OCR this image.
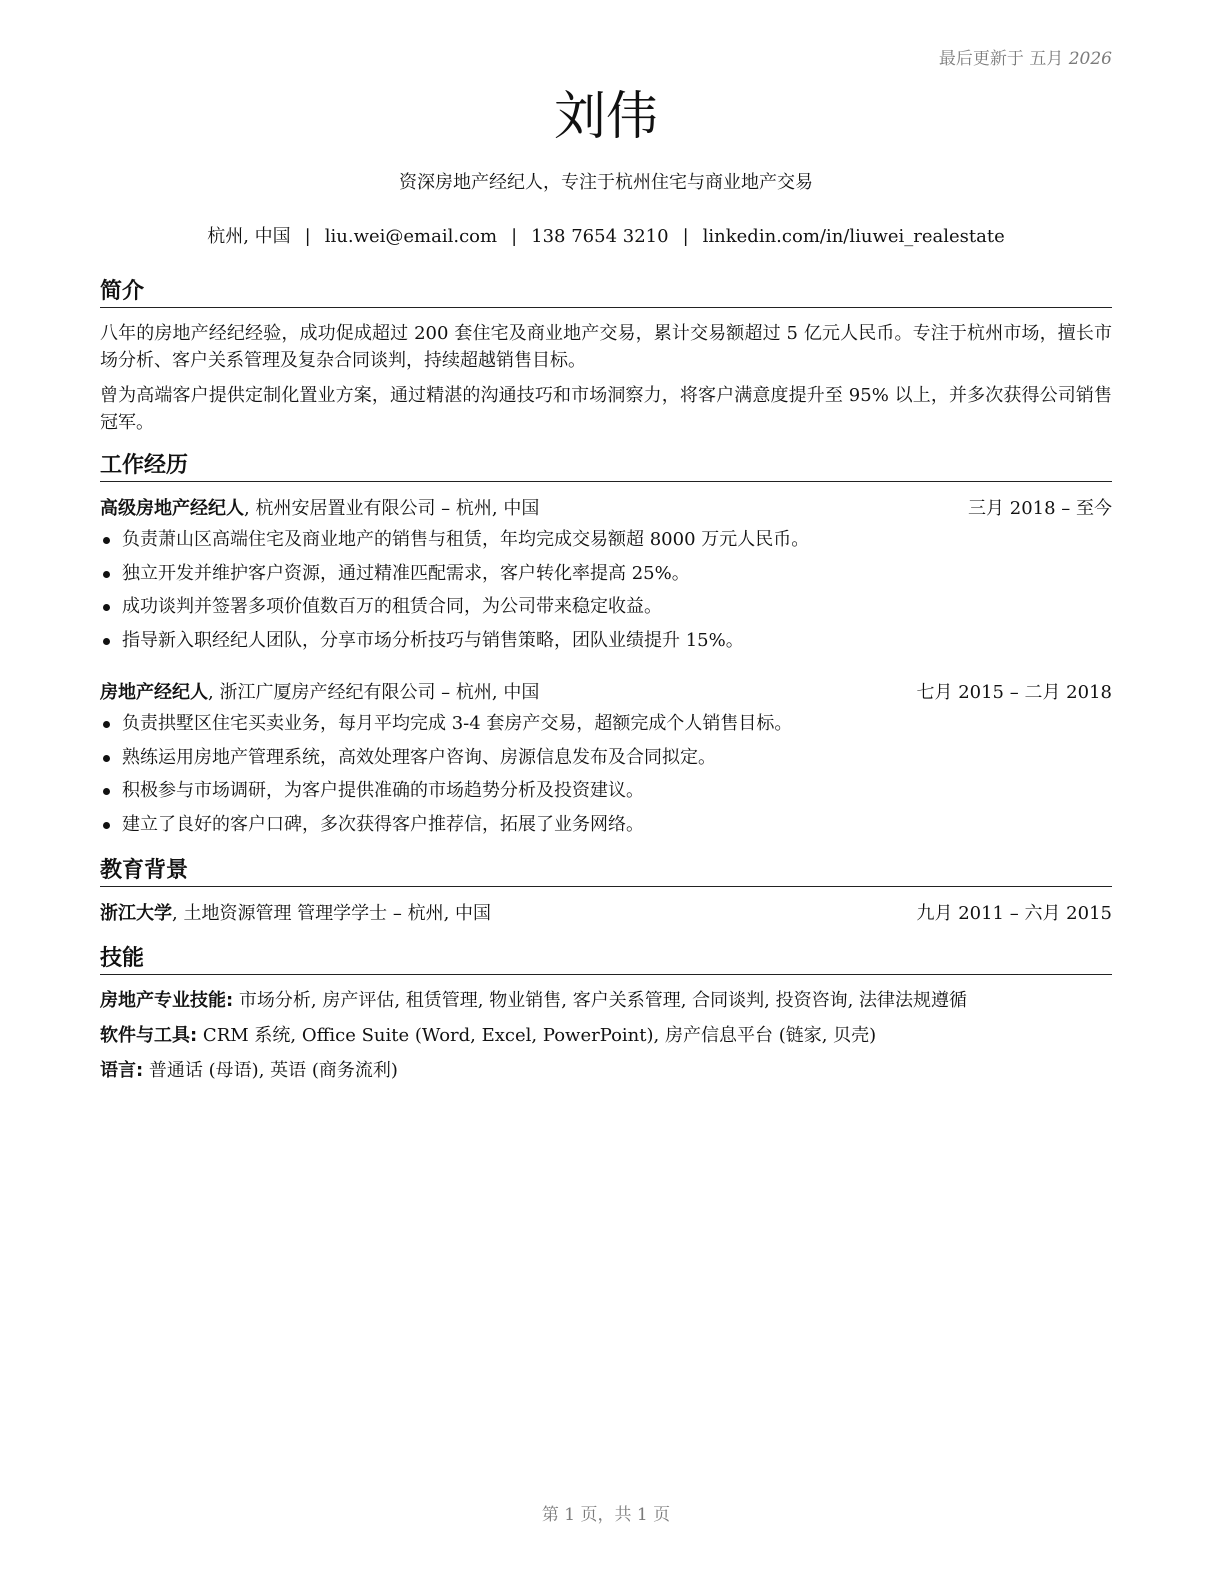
最后更新于 五月 2026
刘伟
资深房地产经纪人，专注于杭州住宅与商业地产交易
杭州, 中国 | liu.wei@email.com | 138 7654 3210 | linkedin.com/in/liuwei_realestate
简介
八年的房地产经纪经验，成功促成超过 200 套住宅及商业地产交易，累计交易额超过 5 亿元人民币。专注于杭州市场，擅长市场分析、客户关系管理及复杂合同谈判，持续超越销售目标。
曾为高端客户提供定制化置业方案，通过精湛的沟通技巧和市场洞察力，将客户满意度提升至 95% 以上，并多次获得公司销售冠军。
工作经历
高级房地产经纪人, 杭州安居置业有限公司 – 杭州, 中国	三月 2018 – 至今
负责萧山区高端住宅及商业地产的销售与租赁，年均完成交易额超 8000 万元人民币。
独立开发并维护客户资源，通过精准匹配需求，客户转化率提高 25%。
成功谈判并签署多项价值数百万的租赁合同，为公司带来稳定收益。
指导新入职经纪人团队，分享市场分析技巧与销售策略，团队业绩提升 15%。
房地产经纪人, 浙江广厦房产经纪有限公司 – 杭州, 中国	七月 2015 – 二月 2018
负责拱墅区住宅买卖业务，每月平均完成 3-4 套房产交易，超额完成个人销售目标。
熟练运用房地产管理系统，高效处理客户咨询、房源信息发布及合同拟定。
积极参与市场调研，为客户提供准确的市场趋势分析及投资建议。
建立了良好的客户口碑，多次获得客户推荐信，拓展了业务网络。
教育背景
浙江大学, 土地资源管理 管理学学士 – 杭州, 中国	九月 2011 – 六月 2015
技能
房地产专业技能: 市场分析, 房产评估, 租赁管理, 物业销售, 客户关系管理, 合同谈判, 投资咨询, 法律法规遵循
软件与工具: CRM 系统, Office Suite (Word, Excel, PowerPoint), 房产信息平台 (链家, 贝壳)
语言: 普通话 (母语), 英语 (商务流利)
第 1 页，共 1 页
